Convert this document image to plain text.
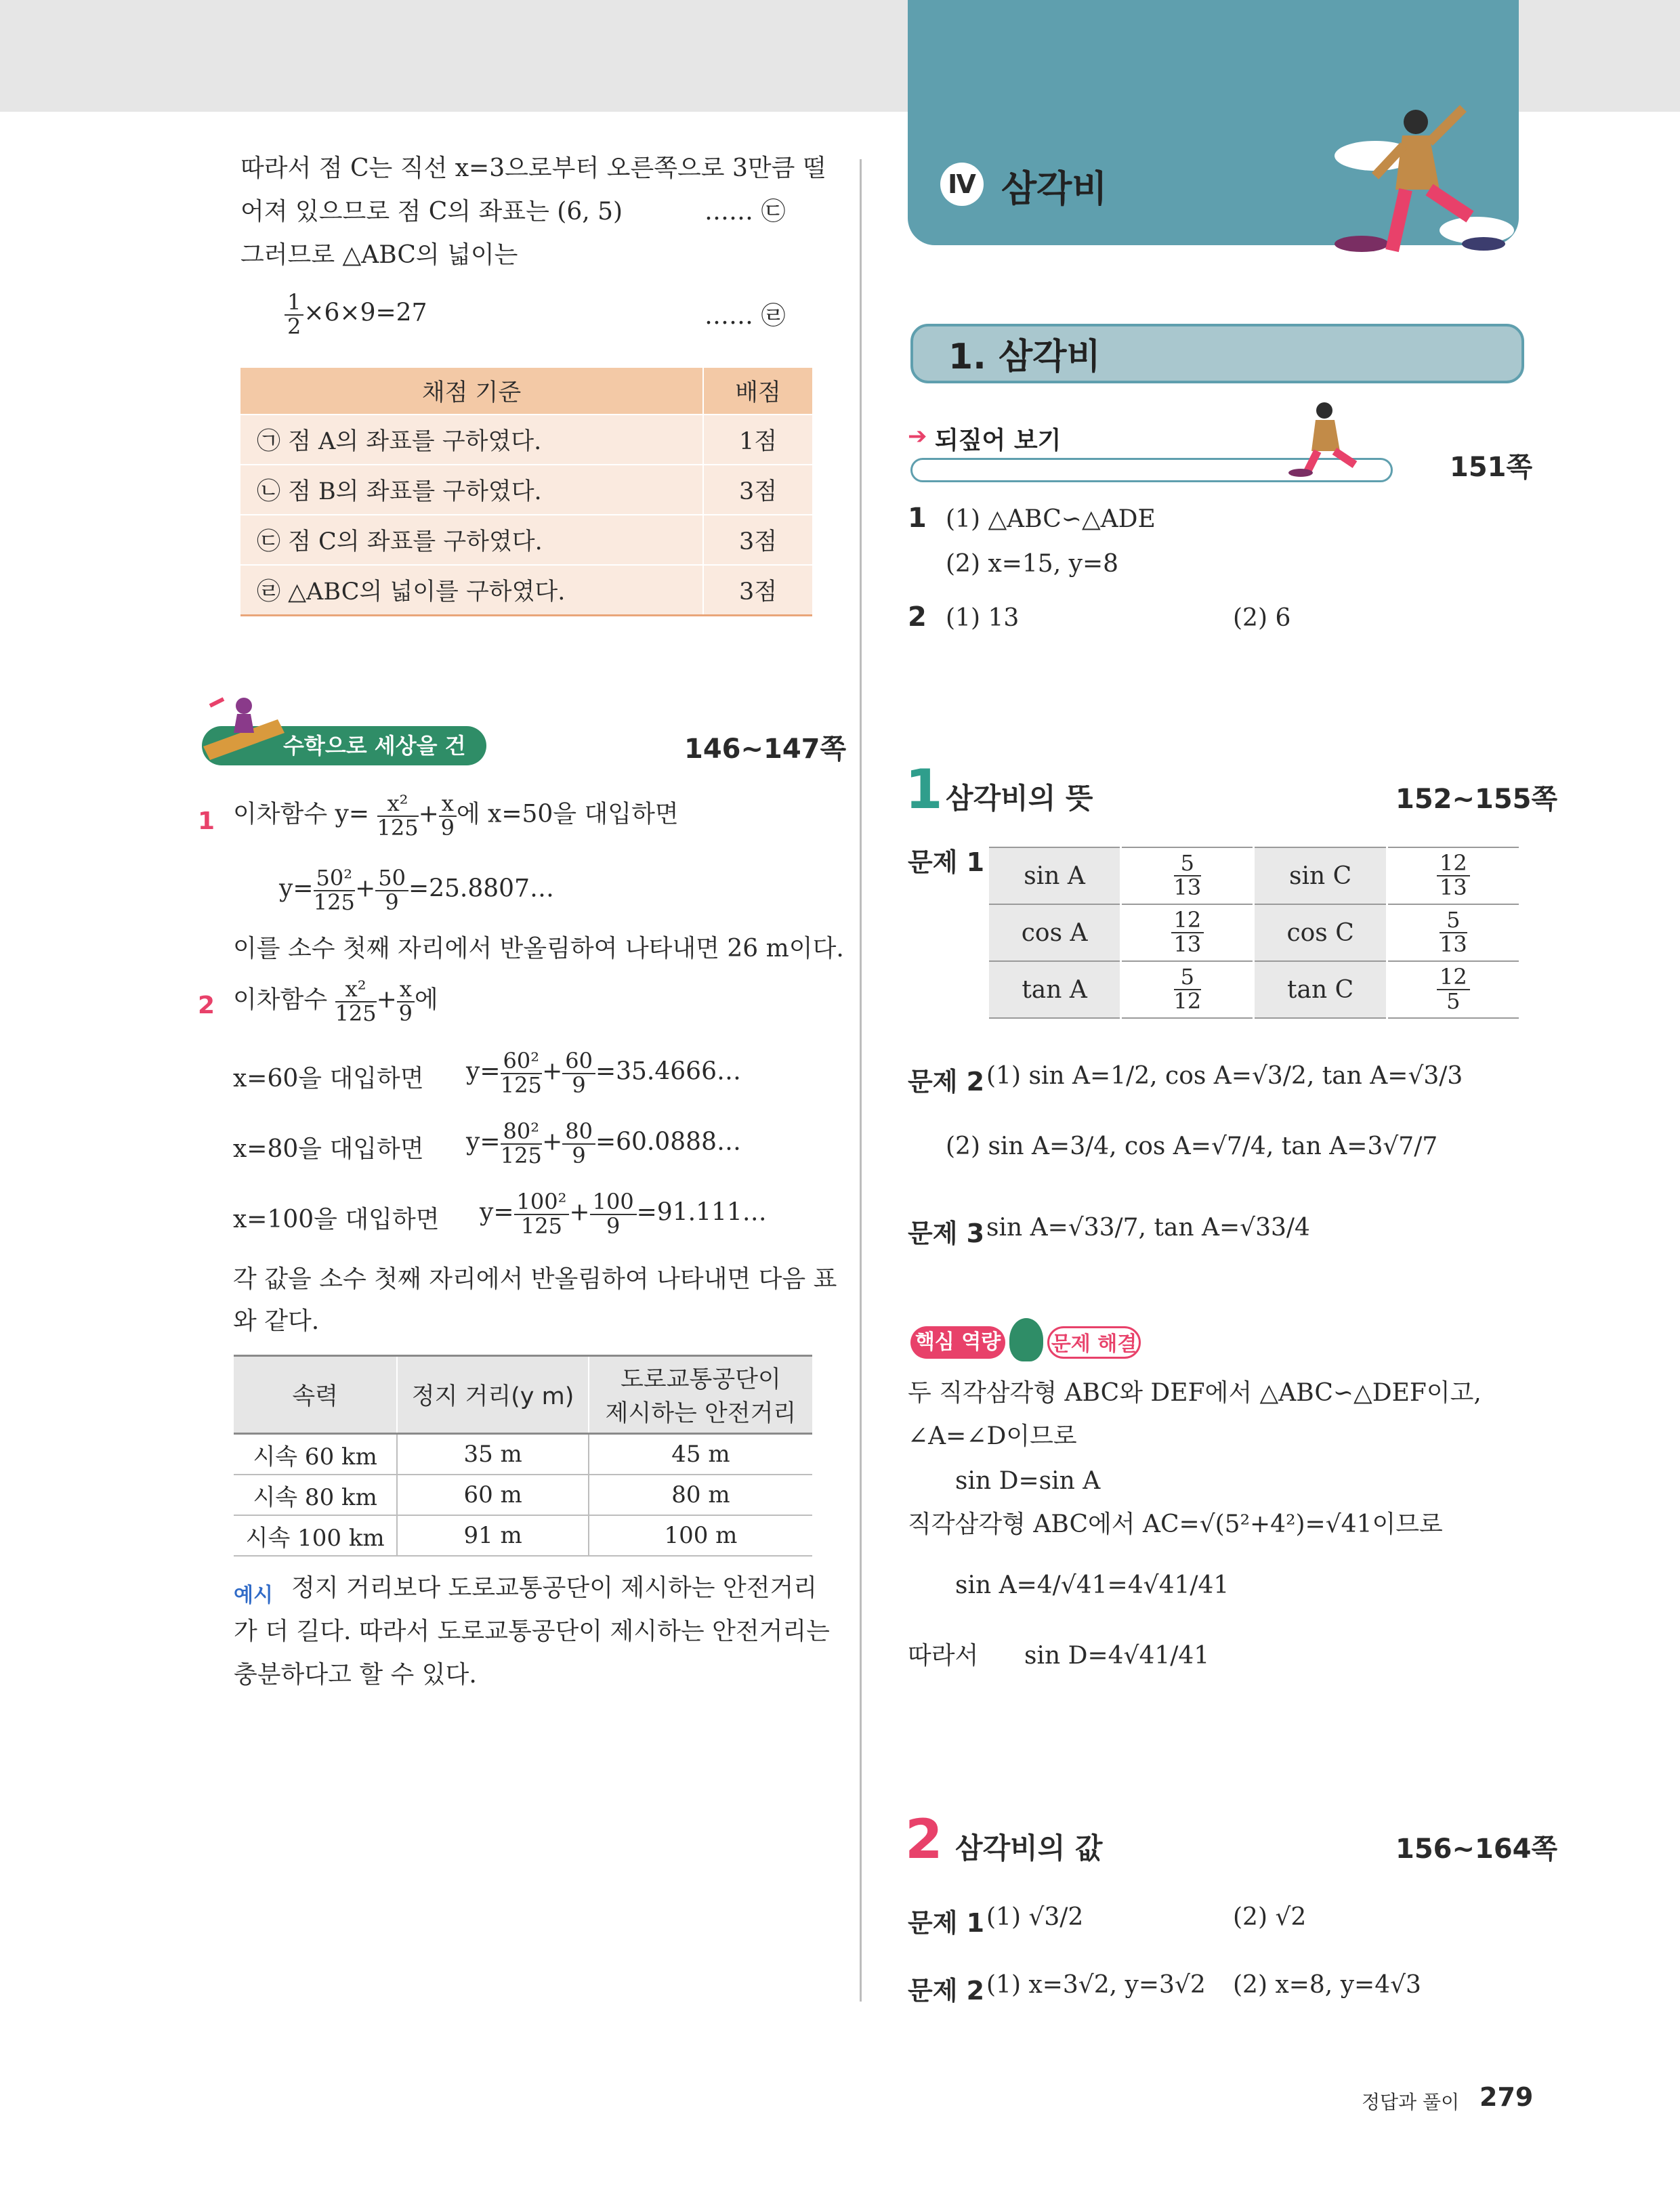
Ⅳ 삼각비
1. 삼각비
따라서 점 C는 직선 x=3으로부터 오른쪽으로 3만큼 떨
어져 있으므로 점 C의 좌표는 (6, 5)	…… ㉢
그러므로 △ABC의 넓이는
$\frac{1}{2} \times 6\times 9=27$	…… ㉣
채점 기준	배점
㉠ 점 A의 좌표를 구하였다.	1점
㉡ 점 B의 좌표를 구하였다.	3점
㉢ 점 C의 좌표를 구하였다.	3점
㉣ △ABC의 넓이를 구하였다.	3점
수학으로 세상을 건너다
146~147쪽
1 이차함수 $y= \frac{\text{x²}}{125} + \frac{x}{9}$ 에 x=50을 대입하면
$y= \frac{\text{50²}}{125} + \frac{50}{9}$ =25.8807…
이를 소수 첫째 자리에서 반올림하여 나타내면 26 m이다.
2 이차함수 $\frac{\text{x²}}{125} + \frac{x}{9}$ 에
x=60을 대입하면 $y= \frac{\text{60²}}{125} + \frac{60}{9}$ =35.4666…
x=80을 대입하면 $y= \frac{\text{80²}}{125} + \frac{80}{9}$ =60.0888…
x=100을 대입하면 $y= \frac{\text{100²}}{125} + \frac{100}{9}$ =91.111…
각 값을 소수 첫째 자리에서 반올림하여 나타내면 다음 표
와 같다.
속력	정지 거리(y m)	도로교통공단이
제시하는 안전거리
시속 60 km	35 m	45 m
시속 80 km	60 m	80 m
시속 100 km	91 m	100 m
예시 정지 거리보다 도로교통공단이 제시하는 안전거리
가 더 길다. 따라서 도로교통공단이 제시하는 안전거리는
충분하다고 할 수 있다.
➔ 되짚어 보기
151쪽
1 (1) △ABC∽△ADE
(2) x=15, y=8
2 (1) 13	(2) 6
1 삼각비의 뜻	152~155쪽
문제 1 sin A	$\frac{5}{13}$	sin C	$\frac{12}{13}$

cos A	$\frac{12}{13}$	cos C	$\frac{5}{13}$

tan A	$\frac{5}{12}$	tan C	$\frac{12}{5}$
문제 2 (1) sin A=1/2, cos A=√3/2, tan A=√3/3
(2) sin A=3/4, cos A=√7/4, tan A=3√7/7
문제 3 sin A=√33/7, tan A=√33/4
핵심 역량 문제 해결
두 직각삼각형 ABC와 DEF에서 △ABC∽△DEF이고,
∠A=∠D이므로
sin D=sin A
직각삼각형 ABC에서 AC=√(5²+4²)=√41이므로
sin A=4/√41=4√41/41
따라서 sin D=4√41/41
2 삼각비의 값	156~164쪽
문제 1 (1) √3/2	(2) √2
문제 2 (1) x=3√2, y=3√2 (2) x=8, y=4√3
정답과 풀이 279
